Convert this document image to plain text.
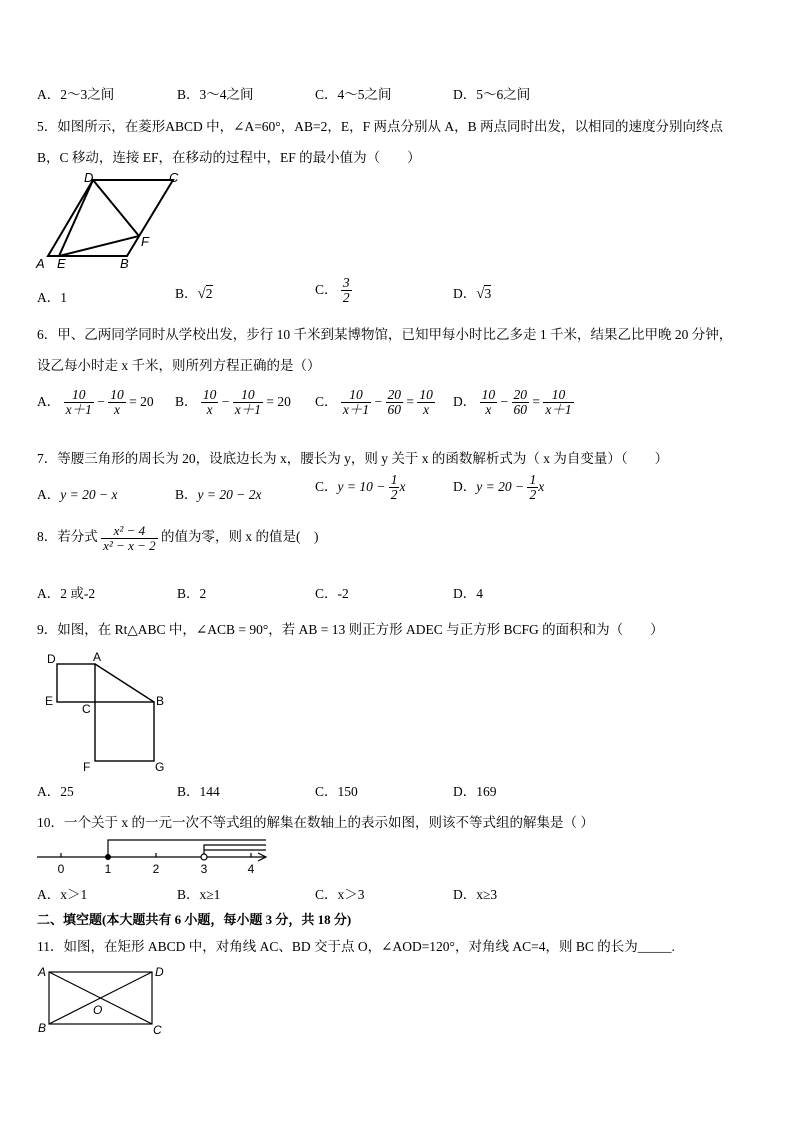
A．2～3之间	B．3～4之间	C．4～5之间	D．5～6之间
5．如图所示，在菱形ABCD 中，∠A=60°，AB=2，E，F 两点分别从 A，B 两点同时出发，以相同的速度分别向终点
B，C 移动，连接 EF，在移动的过程中，EF 的最小值为（　　）
A E	B
F
D	C
A．1	B．√2	C． $\frac{3}{2}$	D．√3
6．甲、乙两同学同时从学校出发，步行 10 千米到某博物馆，已知甲每小时比乙多走 1 千米，结果乙比甲晚 20 分钟，
设乙每小时走 x 千米，则所列方程正确的是（）
A． $\frac{10}{x+1} - \frac{10}{x} = 20$ B． $\frac{10}{x} - \frac{10}{x+1} = 20$ C． $\frac{10}{x+1} - \frac{20}{60} = \frac{10}{x}$ D． $\frac{10}{x} - \frac{20}{60} = \frac{10}{x+1}$
7．等腰三角形的周长为 20，设底边长为 x，腰长为 y，则 y 关于 x 的函数解析式为（ x 为自变量）（　　）
A．y = 20 − x	B．y = 20 − 2x
C．$y = 10 - \frac{1}{2}$ x	D．$y = 20 - \frac{1}{2}$ x
8．若分式 $\frac{\text{x² − 4}}{\text{x² − x − 2}}$ 的值为零，则 x 的值是(　)
A．2 或-2	B．2	C．-2	D．4
9．如图，在 Rt△ABC 中，∠ACB = 90°，若 AB = 13 则正方形 ADEC 与正方形 BCFG 的面积和为（　　）
D	A
E
C
B
F	G
A．25	B．144	C．150	D．169
10．一个关于 x 的一元一次不等式组的解集在数轴上的表示如图，则该不等式组的解集是（ ）
0	1	2	3	4
A．x＞1	B．x≥1	C．x＞3	D．x≥3
二、填空题(本大题共有 6 小题，每小题 3 分，共 18 分)
11．如图，在矩形 ABCD 中，对角线 AC、BD 交于点 O，∠AOD=120°，对角线 AC=4，则 BC 的长为_____.
A	D
B	C
O
